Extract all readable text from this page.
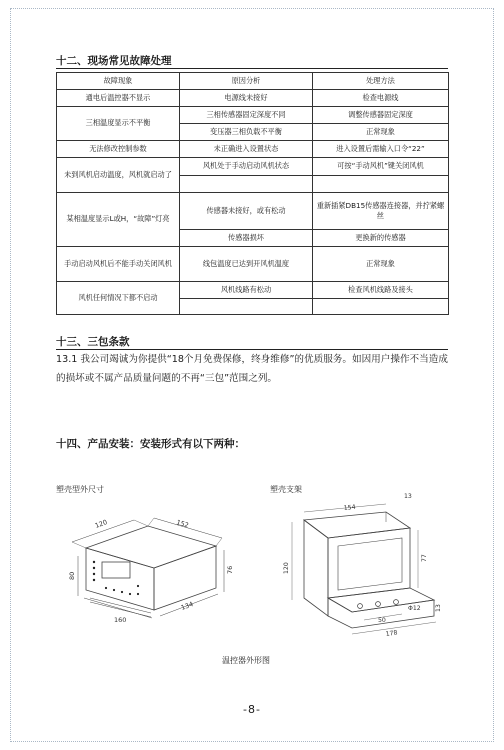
十二、现场常见故障处理
故障现象	原因分析	处理方法
通电后温控器不显示	电源线未接好	检查电源线
三相温度显示不平衡	三相传感器固定深度不同	调整传感器固定深度
	变压器三相负载不平衡	正常现象
无法修改控制参数	未正确进入设置状态	进入设置后需输入口令“22”
未到风机启动温度，风机就启动了	风机处于手动启动风机状态	可按“手动风机”键关闭风机

某相温度显示L或H，“故障”灯亮	传感器未接好，或有松动	重新插紧DB15传感器连接器，并拧紧螺丝
	传感器损坏	更换新的传感器
手动启动风机后不能手动关闭风机	线包温度已达到开风机温度	正常现象
风机任何情况下都不启动	风机线路有松动	检查风机线路及接头

十三、三包条款
13.1 我公司竭诚为你提供“18个月免费保修，终身维修”的优质服务。如因用户操作不当造成的损坏或不属产品质量问题的不再“三包”范围之列。
十四、产品安装：安装形式有以下两种：
塑壳型外尺寸	塑壳支架
120	152
80
76
160
134
154
13
77
120
50
Φ12
178
13
温控器外形图
-8-
